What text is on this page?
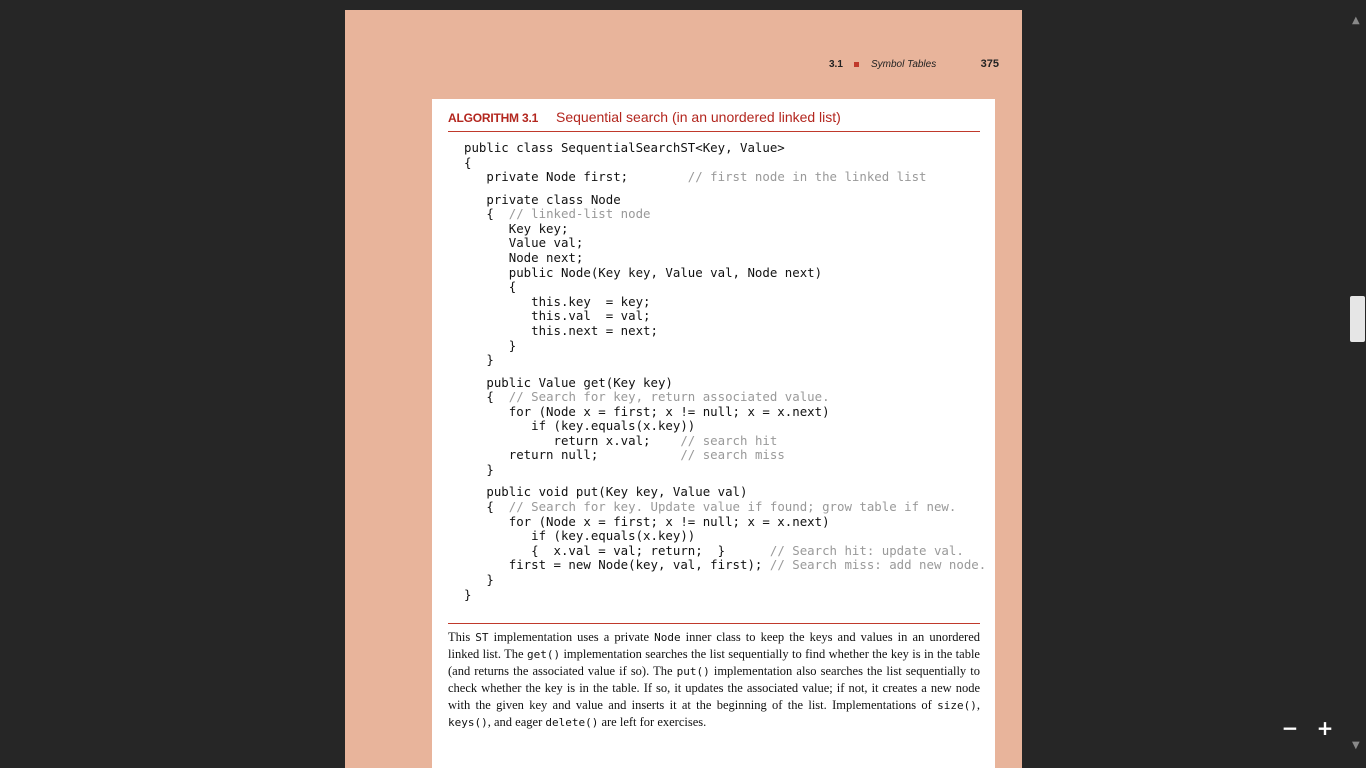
3.1	Symbol Tables	375
ALGORITHM 3.1 Sequential search (in an unordered linked list)
public class SequentialSearchST<Key, Value>
{
private Node first;        // first node in the linked list
private class Node
{  // linked-list node
Key key;
Value val;
Node next;
public Node(Key key, Value val, Node next)
{
this.key  = key;
this.val  = val;
this.next = next;
}
}
public Value get(Key key)
{  // Search for key, return associated value.
for (Node x = first; x != null; x = x.next)
if (key.equals(x.key))
return x.val;    // search hit
return null;           // search miss
}
public void put(Key key, Value val)
{  // Search for key. Update value if found; grow table if new.
for (Node x = first; x != null; x = x.next)
if (key.equals(x.key))
{  x.val = val; return;  }      // Search hit: update val.
first = new Node(key, val, first); // Search miss: add new node.
}
}

This ST implementation uses a private Node inner class to keep the keys and values in an unordered linked list. The get() implementation searches the list sequentially to find whether the key is in the table (and returns the associated value if so). The put() implementation also searches the list sequentially to check whether the key is in the table. If so, it updates the associated value; if not, it creates a new node with the given key and value and inserts it at the beginning of the list. Implementations of size(), keys(), and eager delete() are left for exercises.

▲
▼
− +
